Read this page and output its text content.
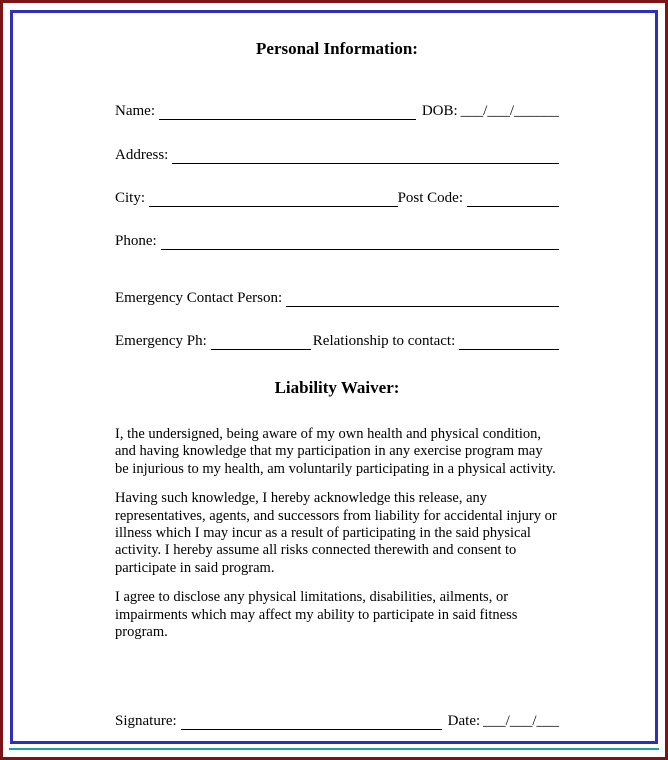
Personal Information:
Name:	DOB: ___/___/______
Address:
City:	Post Code:
Phone:
Emergency Contact Person:
Emergency Ph:	Relationship to contact:
Liability Waiver:

I, the undersigned, being aware of my own health and physical condition, and having knowledge that my participation in any exercise program may be injurious to my health, am voluntarily participating in a physical activity.

Having such knowledge, I hereby acknowledge this release, any representatives, agents, and successors from liability for accidental injury or illness which I may incur as a result of participating in the said physical activity. I hereby assume all risks connected therewith and consent to participate in said program.

I agree to disclose any physical limitations, disabilities, ailments, or impairments which may affect my ability to participate in said fitness program.

Signature:	Date: ___/___/___
